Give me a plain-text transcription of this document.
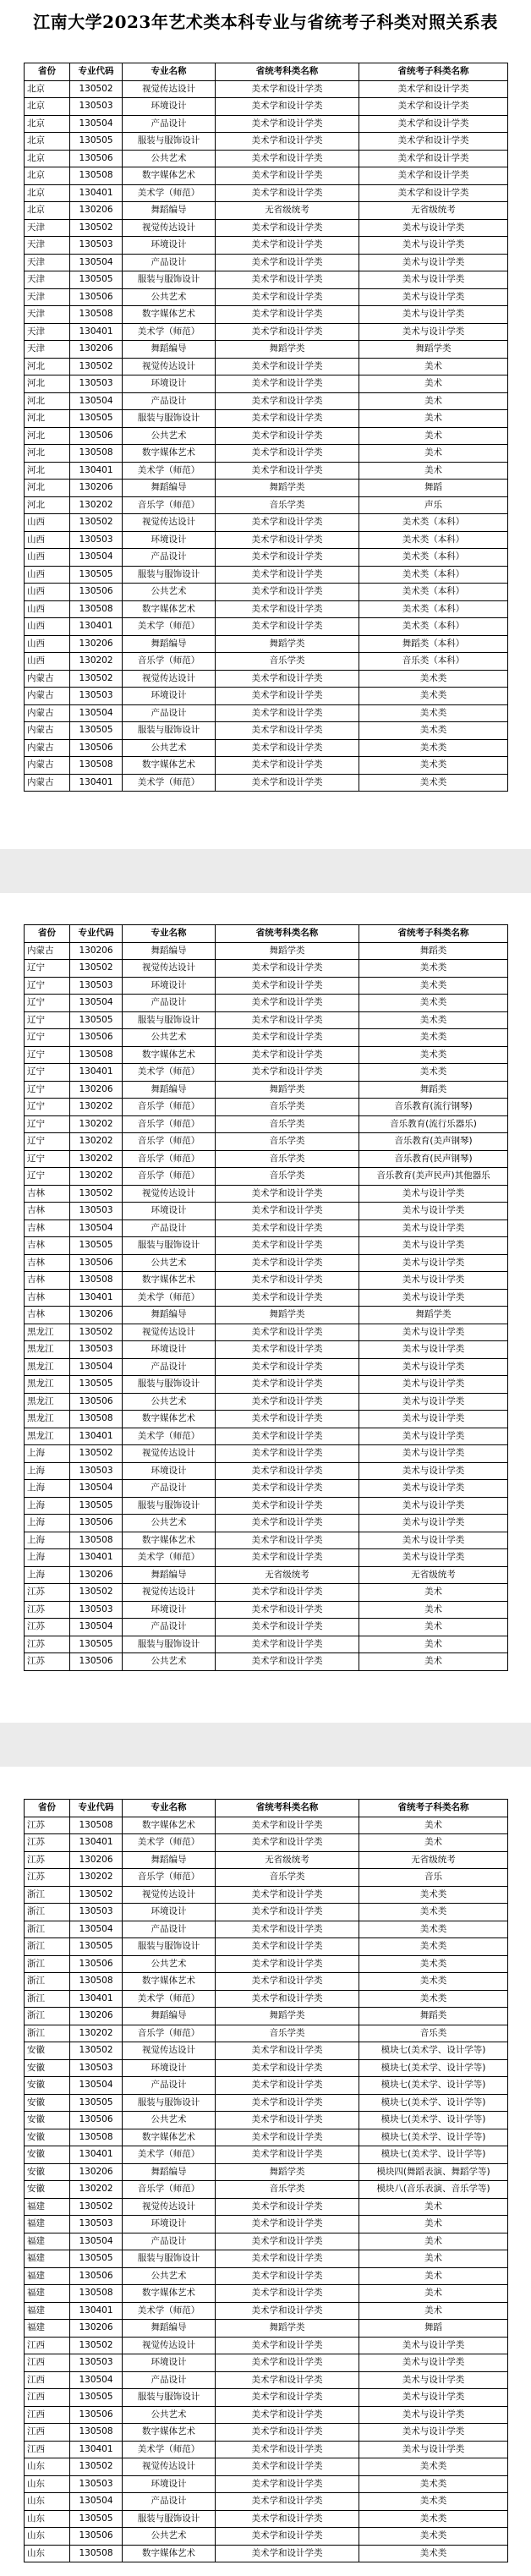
江南大学2023年艺术类本科专业与省统考子科类对照关系表
省份	专业代码	专业名称	省统考科类名称	省统考子科类名称
北京	130502	视觉传达设计	美术学和设计学类	美术学和设计学类
北京	130503	环境设计	美术学和设计学类	美术学和设计学类
北京	130504	产品设计	美术学和设计学类	美术学和设计学类
北京	130505	服装与服饰设计	美术学和设计学类	美术学和设计学类
北京	130506	公共艺术	美术学和设计学类	美术学和设计学类
北京	130508	数字媒体艺术	美术学和设计学类	美术学和设计学类
北京	130401	美术学（师范）	美术学和设计学类	美术学和设计学类
北京	130206	舞蹈编导	无省级统考	无省级统考
天津	130502	视觉传达设计	美术学和设计学类	美术与设计学类
天津	130503	环境设计	美术学和设计学类	美术与设计学类
天津	130504	产品设计	美术学和设计学类	美术与设计学类
天津	130505	服装与服饰设计	美术学和设计学类	美术与设计学类
天津	130506	公共艺术	美术学和设计学类	美术与设计学类
天津	130508	数字媒体艺术	美术学和设计学类	美术与设计学类
天津	130401	美术学（师范）	美术学和设计学类	美术与设计学类
天津	130206	舞蹈编导	舞蹈学类	舞蹈学类
河北	130502	视觉传达设计	美术学和设计学类	美术
河北	130503	环境设计	美术学和设计学类	美术
河北	130504	产品设计	美术学和设计学类	美术
河北	130505	服装与服饰设计	美术学和设计学类	美术
河北	130506	公共艺术	美术学和设计学类	美术
河北	130508	数字媒体艺术	美术学和设计学类	美术
河北	130401	美术学（师范）	美术学和设计学类	美术
河北	130206	舞蹈编导	舞蹈学类	舞蹈
河北	130202	音乐学（师范）	音乐学类	声乐
山西	130502	视觉传达设计	美术学和设计学类	美术类（本科）
山西	130503	环境设计	美术学和设计学类	美术类（本科）
山西	130504	产品设计	美术学和设计学类	美术类（本科）
山西	130505	服装与服饰设计	美术学和设计学类	美术类（本科）
山西	130506	公共艺术	美术学和设计学类	美术类（本科）
山西	130508	数字媒体艺术	美术学和设计学类	美术类（本科）
山西	130401	美术学（师范）	美术学和设计学类	美术类（本科）
山西	130206	舞蹈编导	舞蹈学类	舞蹈类（本科）
山西	130202	音乐学（师范）	音乐学类	音乐类（本科）
内蒙古	130502	视觉传达设计	美术学和设计学类	美术类
内蒙古	130503	环境设计	美术学和设计学类	美术类
内蒙古	130504	产品设计	美术学和设计学类	美术类
内蒙古	130505	服装与服饰设计	美术学和设计学类	美术类
内蒙古	130506	公共艺术	美术学和设计学类	美术类
内蒙古	130508	数字媒体艺术	美术学和设计学类	美术类
内蒙古	130401	美术学（师范）	美术学和设计学类	美术类
省份	专业代码	专业名称	省统考科类名称	省统考子科类名称
内蒙古	130206	舞蹈编导	舞蹈学类	舞蹈类
辽宁	130502	视觉传达设计	美术学和设计学类	美术类
辽宁	130503	环境设计	美术学和设计学类	美术类
辽宁	130504	产品设计	美术学和设计学类	美术类
辽宁	130505	服装与服饰设计	美术学和设计学类	美术类
辽宁	130506	公共艺术	美术学和设计学类	美术类
辽宁	130508	数字媒体艺术	美术学和设计学类	美术类
辽宁	130401	美术学（师范）	美术学和设计学类	美术类
辽宁	130206	舞蹈编导	舞蹈学类	舞蹈类
辽宁	130202	音乐学（师范）	音乐学类	音乐教育(流行钢琴)
辽宁	130202	音乐学（师范）	音乐学类	音乐教育(流行乐器乐)
辽宁	130202	音乐学（师范）	音乐学类	音乐教育(美声钢琴)
辽宁	130202	音乐学（师范）	音乐学类	音乐教育(民声钢琴)
辽宁	130202	音乐学（师范）	音乐学类	音乐教育(美声民声)其他器乐
吉林	130502	视觉传达设计	美术学和设计学类	美术与设计学类
吉林	130503	环境设计	美术学和设计学类	美术与设计学类
吉林	130504	产品设计	美术学和设计学类	美术与设计学类
吉林	130505	服装与服饰设计	美术学和设计学类	美术与设计学类
吉林	130506	公共艺术	美术学和设计学类	美术与设计学类
吉林	130508	数字媒体艺术	美术学和设计学类	美术与设计学类
吉林	130401	美术学（师范）	美术学和设计学类	美术与设计学类
吉林	130206	舞蹈编导	舞蹈学类	舞蹈学类
黑龙江	130502	视觉传达设计	美术学和设计学类	美术与设计学类
黑龙江	130503	环境设计	美术学和设计学类	美术与设计学类
黑龙江	130504	产品设计	美术学和设计学类	美术与设计学类
黑龙江	130505	服装与服饰设计	美术学和设计学类	美术与设计学类
黑龙江	130506	公共艺术	美术学和设计学类	美术与设计学类
黑龙江	130508	数字媒体艺术	美术学和设计学类	美术与设计学类
黑龙江	130401	美术学（师范）	美术学和设计学类	美术与设计学类
上海	130502	视觉传达设计	美术学和设计学类	美术与设计学类
上海	130503	环境设计	美术学和设计学类	美术与设计学类
上海	130504	产品设计	美术学和设计学类	美术与设计学类
上海	130505	服装与服饰设计	美术学和设计学类	美术与设计学类
上海	130506	公共艺术	美术学和设计学类	美术与设计学类
上海	130508	数字媒体艺术	美术学和设计学类	美术与设计学类
上海	130401	美术学（师范）	美术学和设计学类	美术与设计学类
上海	130206	舞蹈编导	无省级统考	无省级统考
江苏	130502	视觉传达设计	美术学和设计学类	美术
江苏	130503	环境设计	美术学和设计学类	美术
江苏	130504	产品设计	美术学和设计学类	美术
江苏	130505	服装与服饰设计	美术学和设计学类	美术
江苏	130506	公共艺术	美术学和设计学类	美术
省份	专业代码	专业名称	省统考科类名称	省统考子科类名称
江苏	130508	数字媒体艺术	美术学和设计学类	美术
江苏	130401	美术学（师范）	美术学和设计学类	美术
江苏	130206	舞蹈编导	无省级统考	无省级统考
江苏	130202	音乐学（师范）	音乐学类	音乐
浙江	130502	视觉传达设计	美术学和设计学类	美术类
浙江	130503	环境设计	美术学和设计学类	美术类
浙江	130504	产品设计	美术学和设计学类	美术类
浙江	130505	服装与服饰设计	美术学和设计学类	美术类
浙江	130506	公共艺术	美术学和设计学类	美术类
浙江	130508	数字媒体艺术	美术学和设计学类	美术类
浙江	130401	美术学（师范）	美术学和设计学类	美术类
浙江	130206	舞蹈编导	舞蹈学类	舞蹈类
浙江	130202	音乐学（师范）	音乐学类	音乐类
安徽	130502	视觉传达设计	美术学和设计学类	模块七(美术学、设计学等)
安徽	130503	环境设计	美术学和设计学类	模块七(美术学、设计学等)
安徽	130504	产品设计	美术学和设计学类	模块七(美术学、设计学等)
安徽	130505	服装与服饰设计	美术学和设计学类	模块七(美术学、设计学等)
安徽	130506	公共艺术	美术学和设计学类	模块七(美术学、设计学等)
安徽	130508	数字媒体艺术	美术学和设计学类	模块七(美术学、设计学等)
安徽	130401	美术学（师范）	美术学和设计学类	模块七(美术学、设计学等)
安徽	130206	舞蹈编导	舞蹈学类	模块四(舞蹈表演、舞蹈学等)
安徽	130202	音乐学（师范）	音乐学类	模块八(音乐表演、音乐学等)
福建	130502	视觉传达设计	美术学和设计学类	美术
福建	130503	环境设计	美术学和设计学类	美术
福建	130504	产品设计	美术学和设计学类	美术
福建	130505	服装与服饰设计	美术学和设计学类	美术
福建	130506	公共艺术	美术学和设计学类	美术
福建	130508	数字媒体艺术	美术学和设计学类	美术
福建	130401	美术学（师范）	美术学和设计学类	美术
福建	130206	舞蹈编导	舞蹈学类	舞蹈
江西	130502	视觉传达设计	美术学和设计学类	美术与设计学类
江西	130503	环境设计	美术学和设计学类	美术与设计学类
江西	130504	产品设计	美术学和设计学类	美术与设计学类
江西	130505	服装与服饰设计	美术学和设计学类	美术与设计学类
江西	130506	公共艺术	美术学和设计学类	美术与设计学类
江西	130508	数字媒体艺术	美术学和设计学类	美术与设计学类
江西	130401	美术学（师范）	美术学和设计学类	美术与设计学类
山东	130502	视觉传达设计	美术学和设计学类	美术类
山东	130503	环境设计	美术学和设计学类	美术类
山东	130504	产品设计	美术学和设计学类	美术类
山东	130505	服装与服饰设计	美术学和设计学类	美术类
山东	130506	公共艺术	美术学和设计学类	美术类
山东	130508	数字媒体艺术	美术学和设计学类	美术类
